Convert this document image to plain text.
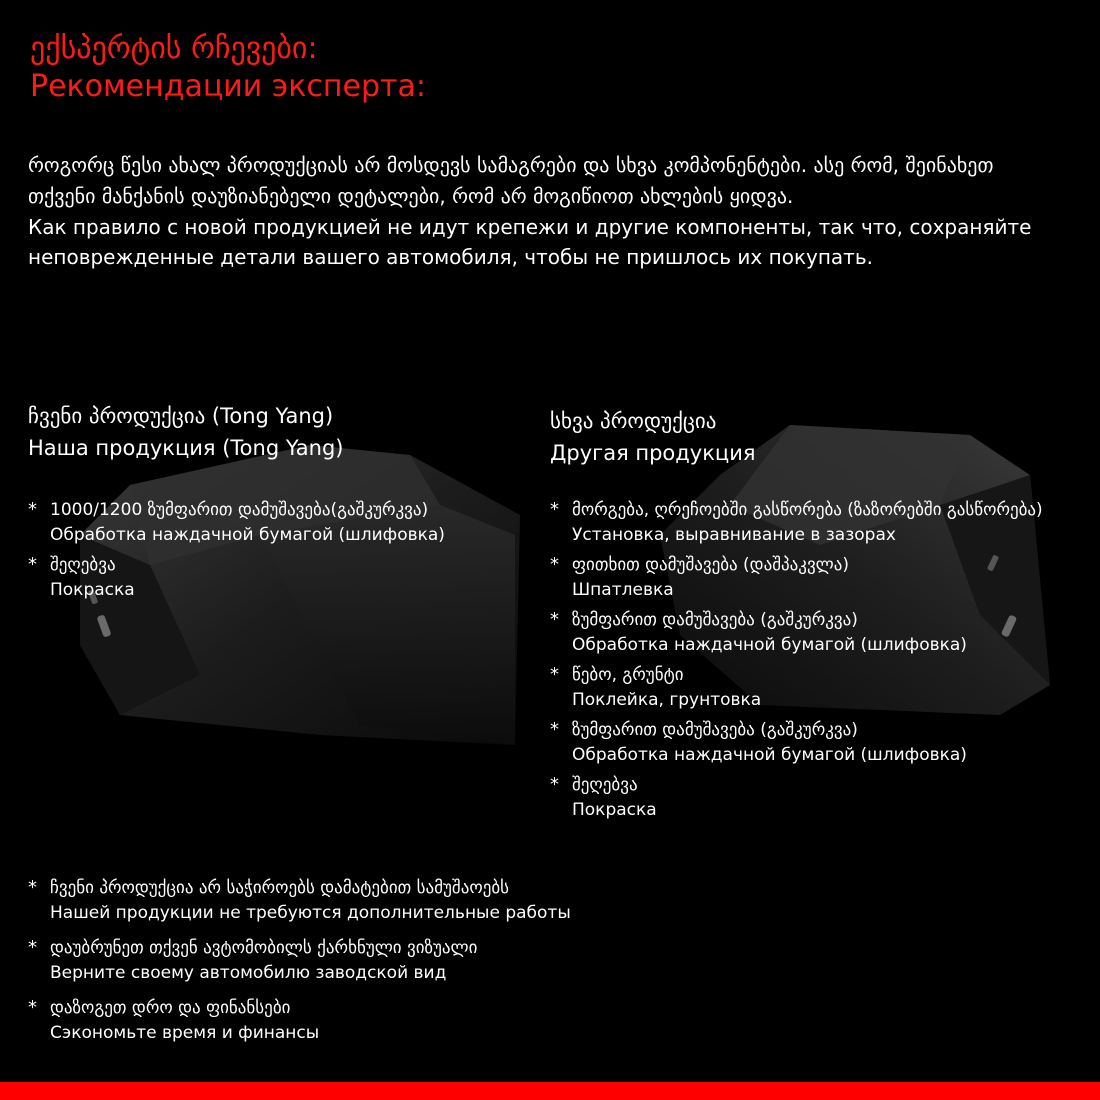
ექსპერტის რჩევები:
Рекомендации эксперта:
როგორც წესი ახალ პროდუქციას არ მოსდევს სამაგრები და სხვა კომპონენტები. ასე რომ, შეინახეთ თქვენი მანქანის დაუზიანებელი დეტალები, რომ არ მოგიწიოთ ახლების ყიდვა.
Как правило с новой продукцией не идут крепежи и другие компоненты, так что, сохраняйте неповрежденные детали вашего автомобиля, чтобы не пришлось их покупать.
ჩვენი პროდუქცია (Tong Yang)
Наша продукция (Tong Yang)
სხვა პროდუქცია
Другая продукция
* 1000/1200 ზუმფარით დამუშავება(გაშკურკვა)
Обработка наждачной бумагой (шлифовка)
* შეღებვა
Покраска
* მორგება, ღრეჩოებში გასწორება (ზაზორებში გასწორება)
Установка, выравнивание в зазорах
* ფითხით დამუშავება (დაშპაკვლა)
Шпатлевка
* ზუმფარით დამუშავება (გაშკურკვა)
Обработка наждачной бумагой (шлифовка)
* წებო, გრუნტი
Поклейка, грунтовка
* ზუმფარით დამუშავება (გაშკურკვა)
Обработка наждачной бумагой (шлифовка)
* შეღებვა
Покраска
* ჩვენი პროდუქცია არ საჭიროებს დამატებით სამუშაოებს
Нашей продукции не требуются дополнительные работы
* დაუბრუნეთ თქვენ ავტომობილს ქარხნული ვიზუალი
Верните своему автомобилю заводской вид
* დაზოგეთ დრო და ფინანსები
Сэкономьте время и финансы
